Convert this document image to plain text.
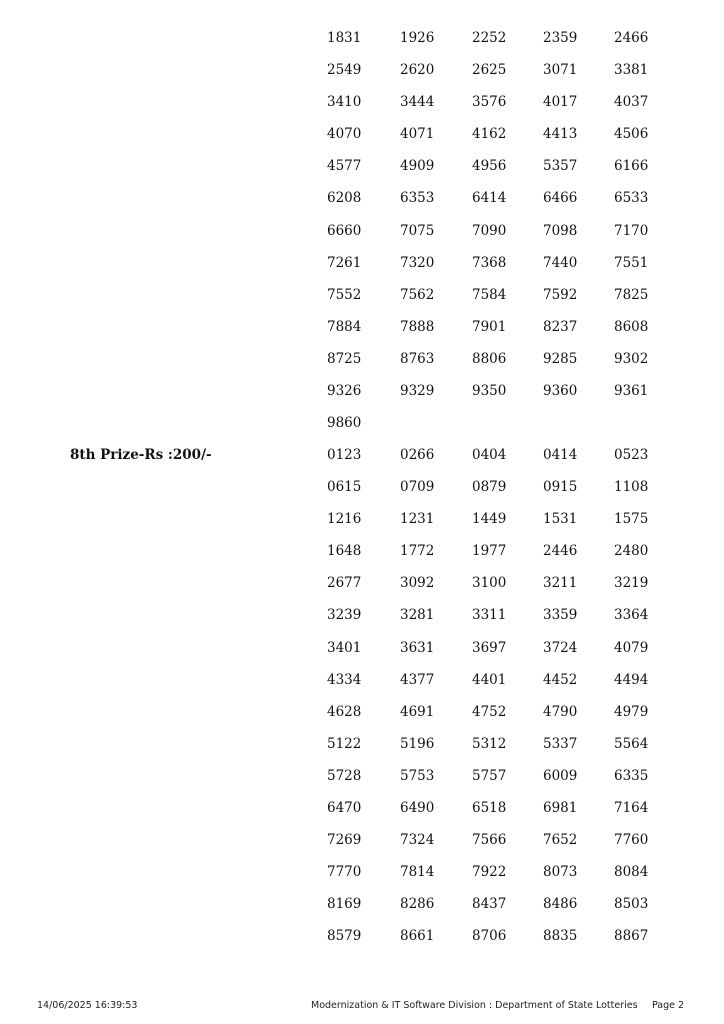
1831	1926	2252	2359	2466
2549	2620	2625	3071	3381
3410	3444	3576	4017	4037
4070	4071	4162	4413	4506
4577	4909	4956	5357	6166
6208	6353	6414	6466	6533
6660	7075	7090	7098	7170
7261	7320	7368	7440	7551
7552	7562	7584	7592	7825
7884	7888	7901	8237	8608
8725	8763	8806	9285	9302
9326	9329	9350	9360	9361
9860
8th Prize-Rs :200/-	0123	0266	0404	0414	0523
0615	0709	0879	0915	1108
1216	1231	1449	1531	1575
1648	1772	1977	2446	2480
2677	3092	3100	3211	3219
3239	3281	3311	3359	3364
3401	3631	3697	3724	4079
4334	4377	4401	4452	4494
4628	4691	4752	4790	4979
5122	5196	5312	5337	5564
5728	5753	5757	6009	6335
6470	6490	6518	6981	7164
7269	7324	7566	7652	7760
7770	7814	7922	8073	8084
8169	8286	8437	8486	8503
8579	8661	8706	8835	8867
14/06/2025 16:39:53	Modernization & IT Software Division : Department of State Lotteries Page 2
